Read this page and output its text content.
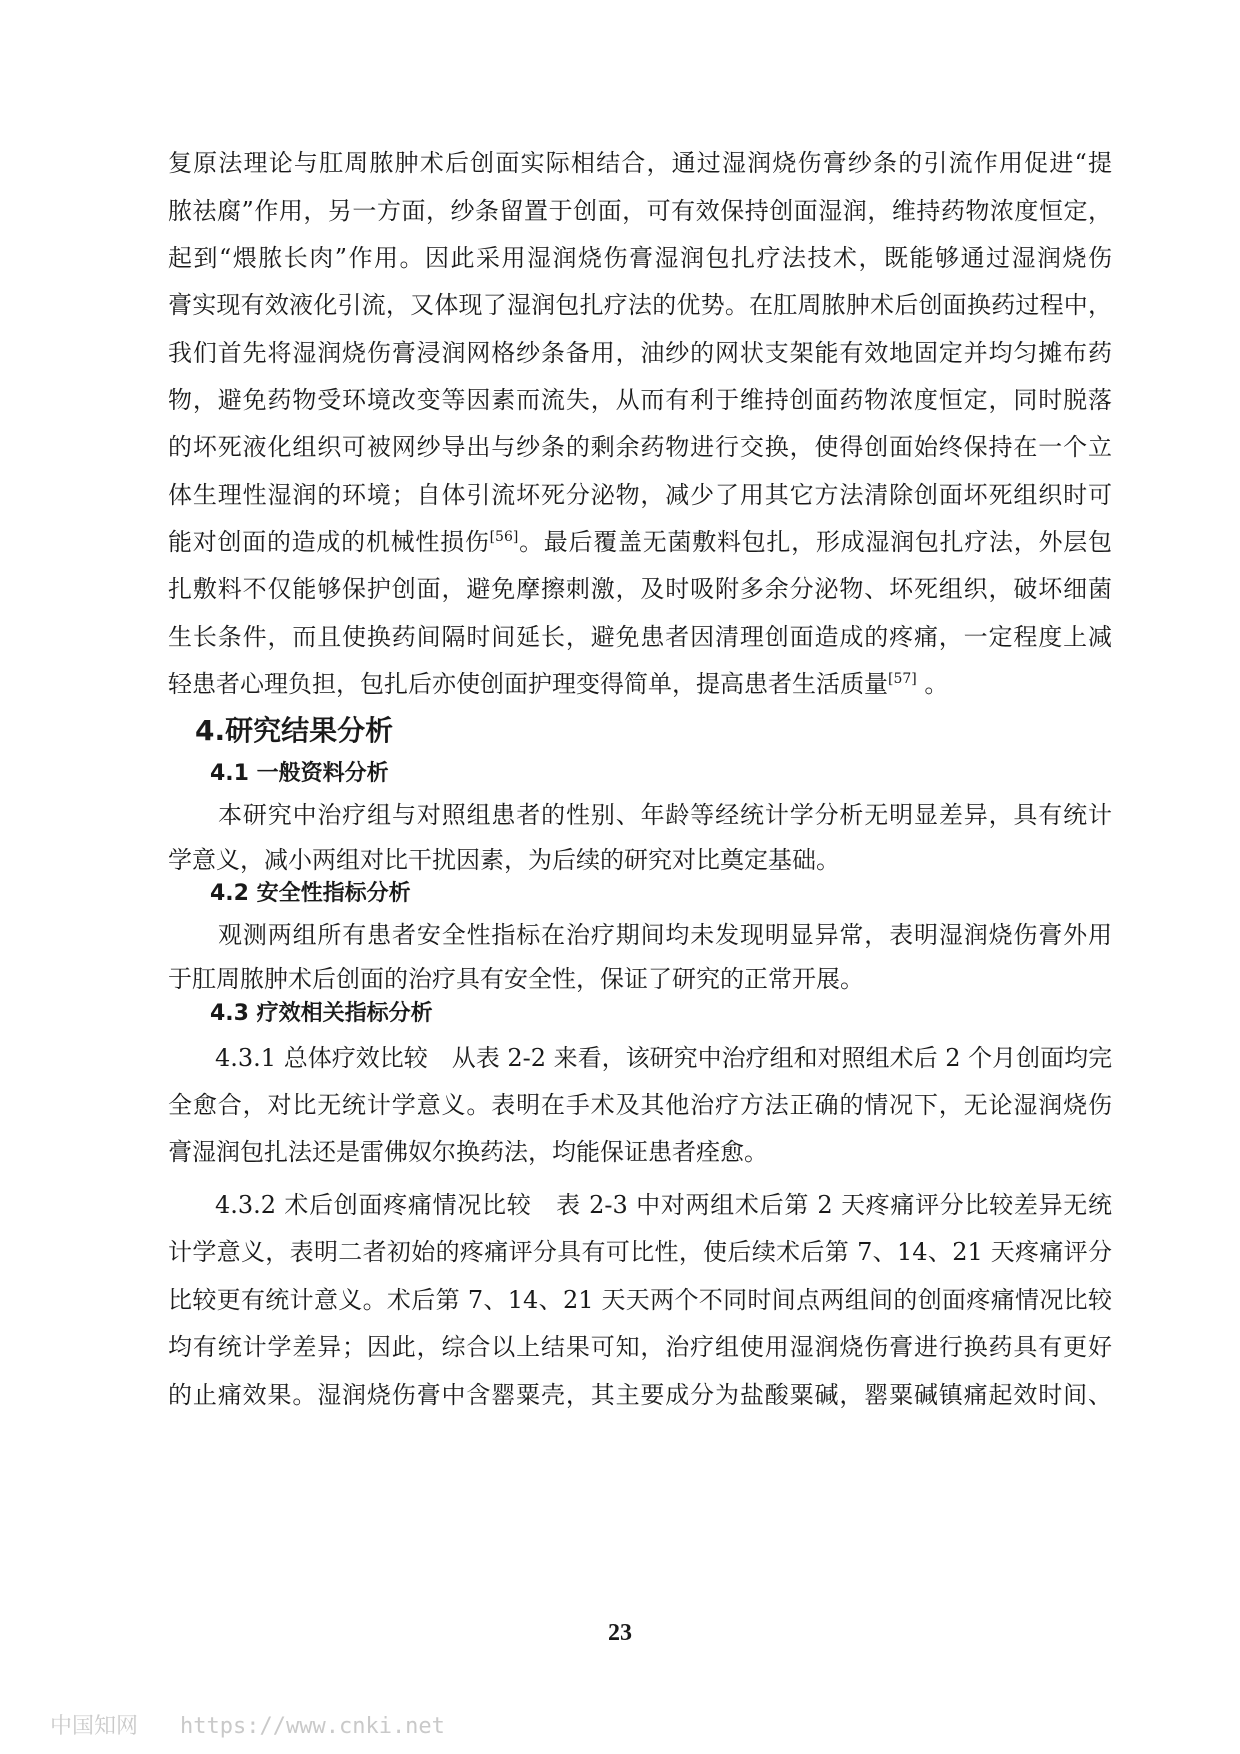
复原法理论与肛周脓肿术后创面实际相结合，通过湿润烧伤膏纱条的引流作用促进“提
脓祛腐”作用，另一方面，纱条留置于创面，可有效保持创面湿润，维持药物浓度恒定，
起到“煨脓长肉”作用。因此采用湿润烧伤膏湿润包扎疗法技术，既能够通过湿润烧伤
膏实现有效液化引流，又体现了湿润包扎疗法的优势。在肛周脓肿术后创面换药过程中，
我们首先将湿润烧伤膏浸润网格纱条备用，油纱的网状支架能有效地固定并均匀摊布药
物，避免药物受环境改变等因素而流失，从而有利于维持创面药物浓度恒定，同时脱落
的坏死液化组织可被网纱导出与纱条的剩余药物进行交换，使得创面始终保持在一个立
体生理性湿润的环境；自体引流坏死分泌物，减少了用其它方法清除创面坏死组织时可
能对创面的造成的机械性损伤[56]。最后覆盖无菌敷料包扎，形成湿润包扎疗法，外层包
扎敷料不仅能够保护创面，避免摩擦刺激，及时吸附多余分泌物、坏死组织，破坏细菌
生长条件，而且使换药间隔时间延长，避免患者因清理创面造成的疼痛，一定程度上减
轻患者心理负担，包扎后亦使创面护理变得简单，提高患者生活质量[57] 。
4.研究结果分析
4.1 一般资料分析
本研究中治疗组与对照组患者的性别、年龄等经统计学分析无明显差异，具有统计
学意义，减小两组对比干扰因素，为后续的研究对比奠定基础。
4.2 安全性指标分析
观测两组所有患者安全性指标在治疗期间均未发现明显异常，表明湿润烧伤膏外用
于肛周脓肿术后创面的治疗具有安全性，保证了研究的正常开展。
4.3 疗效相关指标分析
4.3.1 总体疗效比较　从表 2-2 来看，该研究中治疗组和对照组术后 2 个月创面均完
全愈合，对比无统计学意义。表明在手术及其他治疗方法正确的情况下，无论湿润烧伤
膏湿润包扎法还是雷佛奴尔换药法，均能保证患者痊愈。
4.3.2 术后创面疼痛情况比较　表 2-3 中对两组术后第 2 天疼痛评分比较差异无统
计学意义，表明二者初始的疼痛评分具有可比性，使后续术后第 7、14、21 天疼痛评分
比较更有统计意义。术后第 7、14、21 天天两个不同时间点两组间的创面疼痛情况比较
均有统计学差异；因此，综合以上结果可知，治疗组使用湿润烧伤膏进行换药具有更好
的止痛效果。湿润烧伤膏中含罂粟壳，其主要成分为盐酸粟碱，罂粟碱镇痛起效时间、
23
中国知网 https://www.cnki.net
